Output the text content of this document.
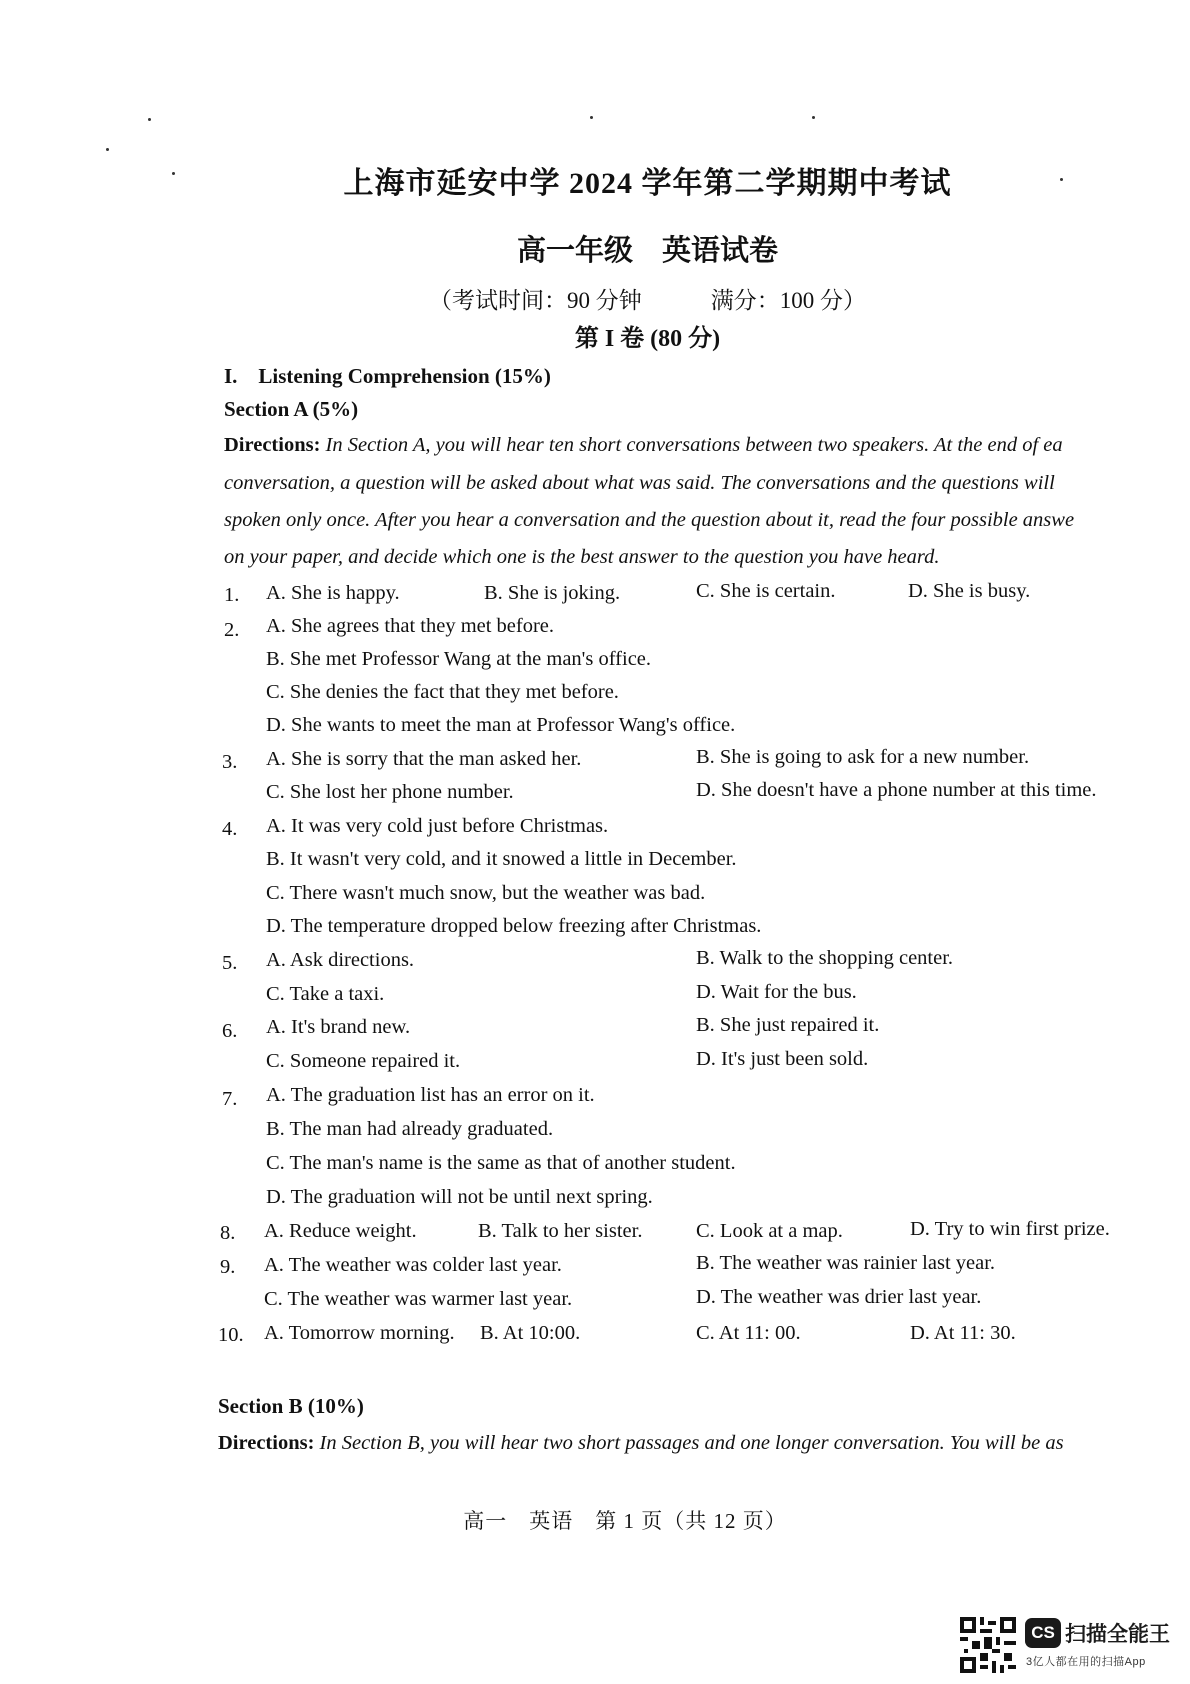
上海市延安中学 2024 学年第二学期期中考试
高一年级　英语试卷
（考试时间：90 分钟　　　满分：100 分）
第 I 卷 (80 分)
I.　Listening Comprehension (15%)
Section A (5%)
Directions: In Section A, you will hear ten short conversations between two speakers. At the end of ea
conversation, a question will be asked about what was said. The conversations and the questions will
spoken only once. After you hear a conversation and the question about it, read the four possible answe
on your paper, and decide which one is the best answer to the question you have heard.
1. A. She is happy.	B. She is joking.	C. She is certain.	D. She is busy.
2. A. She agrees that they met before.
B. She met Professor Wang at the man's office.
C. She denies the fact that they met before.
D. She wants to meet the man at Professor Wang's office.
3. A. She is sorry that the man asked her.	B. She is going to ask for a new number.
C. She lost her phone number.	D. She doesn't have a phone number at this time.
4. A. It was very cold just before Christmas.
B. It wasn't very cold, and it snowed a little in December.
C. There wasn't much snow, but the weather was bad.
D. The temperature dropped below freezing after Christmas.
5. A. Ask directions.	B. Walk to the shopping center.
C. Take a taxi.	D. Wait for the bus.
6. A. It's brand new.	B. She just repaired it.
C. Someone repaired it.	D. It's just been sold.
7. A. The graduation list has an error on it.
B. The man had already graduated.
C. The man's name is the same as that of another student.
D. The graduation will not be until next spring.
8. A. Reduce weight.	B. Talk to her sister.	C. Look at a map.	D. Try to win first prize.
9. A. The weather was colder last year.	B. The weather was rainier last year.
C. The weather was warmer last year.	D. The weather was drier last year.
10. A. Tomorrow morning. B. At 10:00.	C. At 11: 00.	D. At 11: 30.
Section B (10%)
Directions: In Section B, you will hear two short passages and one longer conversation. You will be as
高一　英语　第 1 页（共 12 页）
CS 扫描全能王
3亿人都在用的扫描App
